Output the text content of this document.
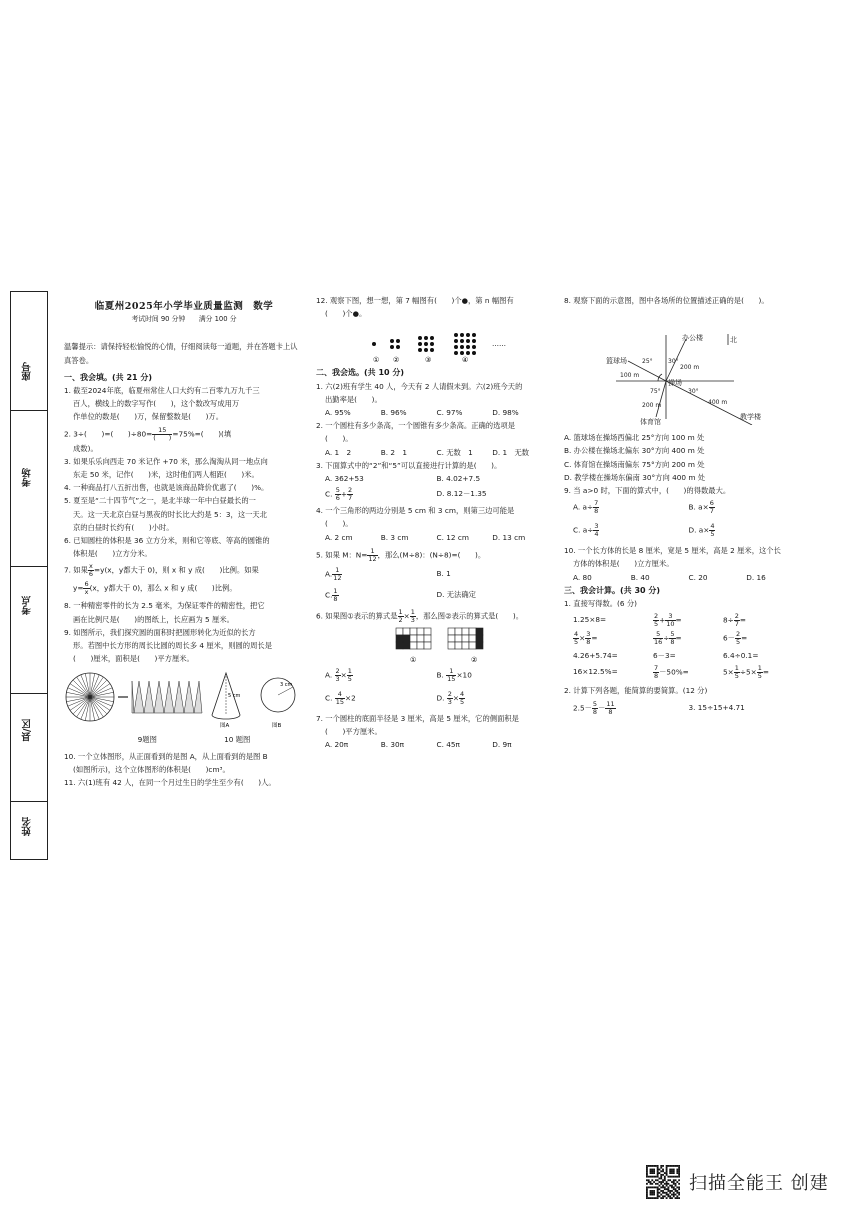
座号
考场
考点
县/区
姓名

临夏州2025年小学毕业质量监测　数学

考试时间 90 分钟　　满分 100 分

温馨提示：请保持轻松愉悦的心情，仔细阅读每一道题，并在答题卡上认真答卷。

一、我会填。(共 21 分)

1. 截至2024年底，临夏州常住人口大约有二百零九万九千三

百人，横线上的数字写作(　　)，这个数改写成用万

作单位的数是(　　)万，保留整数是(　　)万。

2. 3÷(　　)=(　　)$\div 80= \frac{15}{( )} =75\%=$(　　)(填

成数)。

3. 如果乐乐向西走 70 米记作 +70 米，那么淘淘从同一地点向

东走 50 米，记作(　　)米，这时他们两人相距(　　)米。

4. 一种商品打八五折出售，也就是该商品降价优惠了(　　)%。

5. 夏至是“二十四节气”之一，是北半球一年中白昼最长的一

天。这一天北京白昼与黑夜的时长比大约是 5：3，这一天北

京的白昼时长约有(　　)小时。

6. 已知圆柱的体积是 36 立方分米，则和它等底、等高的圆锥的

体积是(　　)立方分米。

7. 如果 $\frac{x}{6} =y(x$，y都大于 0)，则 x 和 y 成(　　)比例。如果

$y= \frac{6}{x} (x$，y都大于 0)，那么 x 和 y 成(　　)比例。

8. 一种精密零件的长为 2.5 毫米，为保证零件的精密性，把它

画在比例尺是(　　)的图纸上，长应画为 5 厘米。

9. 如图所示，我们探究圆的面积时把圆形转化为近似的长方

形。若图中长方形的周长比圆的周长多 4 厘米，则圆的周长是

(　　)厘米，面积是(　　)平方厘米。

5 cm
图A
3 cm
图B
9题图	10 题图

10. 一个立体图形，从正面看到的是图 A，从上面看到的是图 B

(如图所示)，这个立体图形的体积是(　　)cm³。

11. 六(1)班有 42 人，在同一个月过生日的学生至少有(　　)人。

12. 观察下图，想一想，第 7 幅图有(　　)个●，第 n 幅图有

(　　)个●。

……
① ②	③	④

二、我会选。(共 10 分)

1. 六(2)班有学生 40 人，今天有 2 人请假未到。六(2)班今天的

出勤率是(　　)。

A. 95%	B. 96%	C. 97%	D. 98%

2. 一个圆柱有多少条高，一个圆锥有多少条高。正确的选项是

(　　)。

A. 1　2	B. 2　1	C. 无数　1	D. 1　无数

3. 下面算式中的“2”和“5”可以直接进行计算的是(　　)。

A. 362+53	B. 4.02+7.5

C. $\frac{5}{6} + \frac{2}{7}$	D. 8.12－1.35

4. 一个三角形的两边分别是 5 cm 和 3 cm，则第三边可能是

(　　)。

A. 2 cm	B. 3 cm	C. 12 cm	D. 13 cm

5. 如果 M：$N= \frac{1}{12}$ ，那么(M÷8)：(N÷8)=(　　)。

A. $\frac{1}{12}$	B. 1

C. $\frac{1}{8}$	D. 无法确定

6. 如果图①表示的算式是 $\frac{1}{2} \times \frac{1}{3}$ ，那么图②表示的算式是(　　)。

①	②

A. $\frac{2}{3} \times \frac{1}{5}$	B. $\frac{1}{15} \times 10$

C. $\frac{4}{15} \times 2$	D. $\frac{2}{3} \times \frac{4}{5}$

7. 一个圆柱的底面半径是 3 厘米，高是 5 厘米，它的侧面积是

(　　)平方厘米。

A. 20π	B. 30π	C. 45π	D. 9π

8. 观察下面的示意图，图中各场所的位置描述正确的是(　　)。

办公楼	北
篮球场	25°	30°
200 m
100 m
操场
75°	30°
400 m
200 m
体育馆
教学楼

A. 篮球场在操场西偏北 25°方向 100 m 处

B. 办公楼在操场北偏东 30°方向 400 m 处

C. 体育馆在操场南偏东 75°方向 200 m 处

D. 教学楼在操场东偏南 30°方向 400 m 处

9. 当 a>0 时，下面的算式中，(　　)的得数最大。

A. $a\div \frac{7}{8}$	B. $a\times \frac{6}{7}$

C. $a\div \frac{3}{4}$	D. $a\times \frac{4}{5}$

10. 一个长方体的长是 8 厘米，宽是 5 厘米，高是 2 厘米，这个长

方体的体积是(　　)立方厘米。

A. 80	B. 40	C. 20	D. 16

三、我会计算。(共 30 分)

1. 直接写得数。(6 分)

1.25×8=	$\frac{2}{5} + \frac{3}{10}$ =	$8\div \frac{2}{7}$ =
$\frac{4}{5} \times \frac{3}{8}$ =	$\frac{5}{16} \div \frac{5}{8}$ =	$6- \frac{2}{5}$ =
4.26+5.74=	6－3=	6.4÷0.1=
16×12.5%=	$\frac{7}{8} -50\%=$	$5\times \frac{1}{5} \div 5\times \frac{1}{5}$ =

2. 计算下列各题，能简算的要简算。(12 分)

$2.5- \frac{5}{8} - \frac{11}{8}$	3. 15÷15+4.71

扫描全能王 创建
